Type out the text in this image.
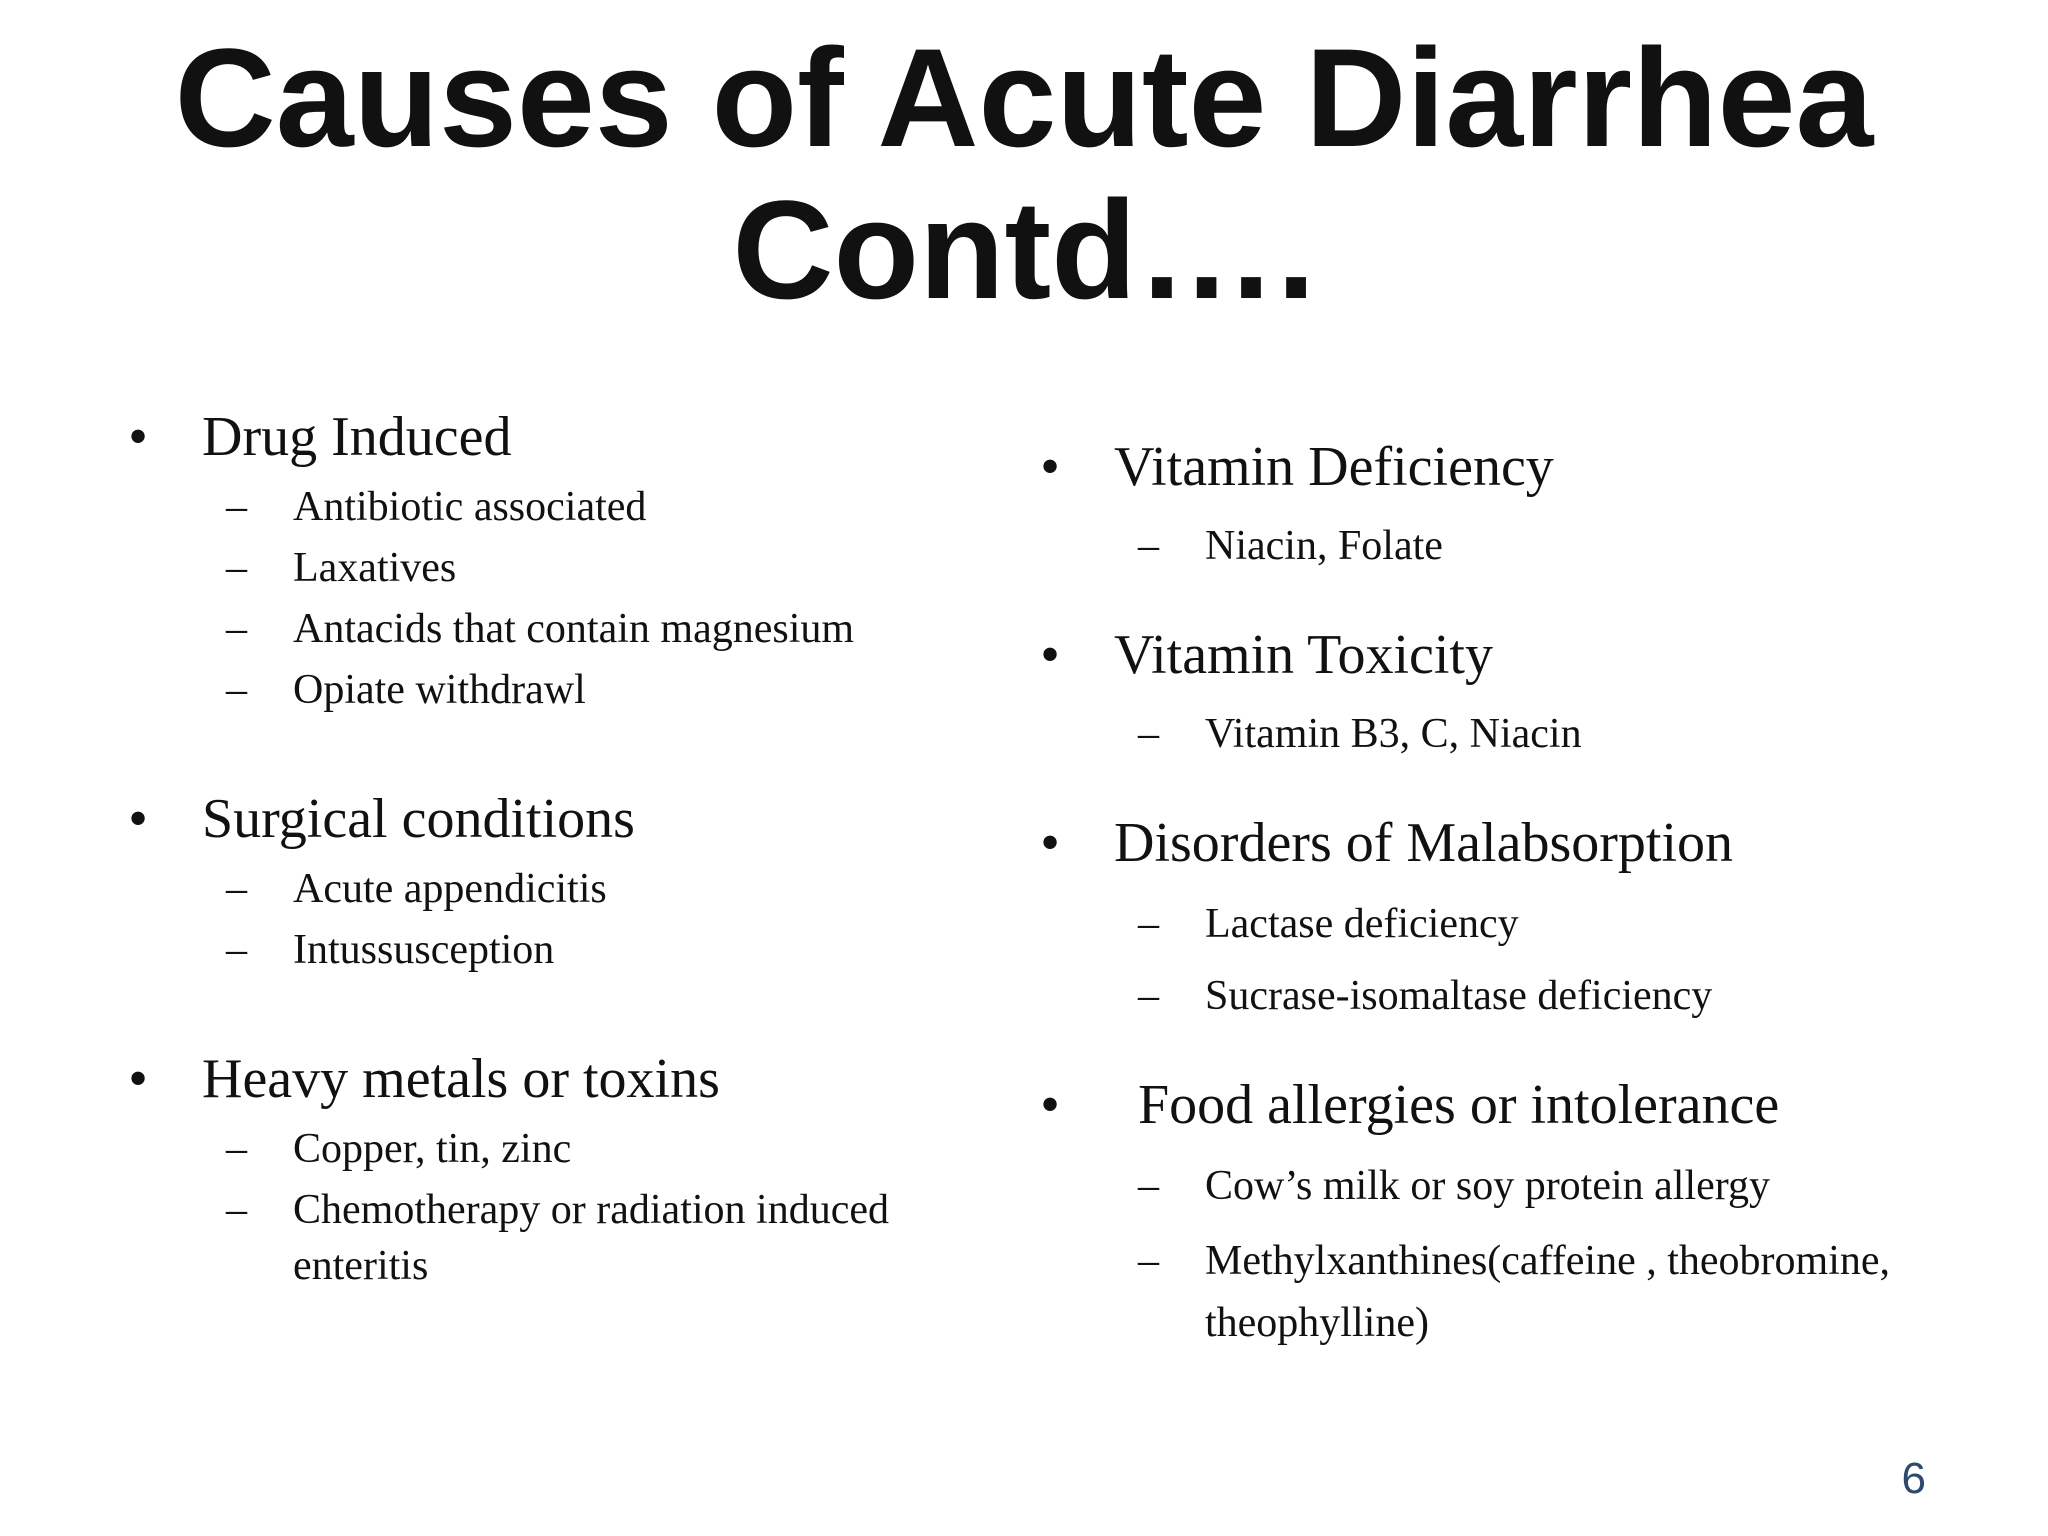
Causes of Acute Diarrhea
Contd….
• Drug Induced
– Antibiotic associated
– Laxatives
– Antacids that contain magnesium
– Opiate withdrawl
• Surgical conditions
– Acute appendicitis
– Intussusception
• Heavy metals or toxins
– Copper, tin, zinc
– Chemotherapy or radiation induced enteritis
• Vitamin Deficiency
– Niacin, Folate
• Vitamin Toxicity
– Vitamin B3, C, Niacin
• Disorders of Malabsorption
– Lactase deficiency
– Sucrase-isomaltase deficiency
• Food allergies or intolerance
– Cow’s milk or soy protein allergy
– Methylxanthines(caffeine , theobromine, theophylline)
6
